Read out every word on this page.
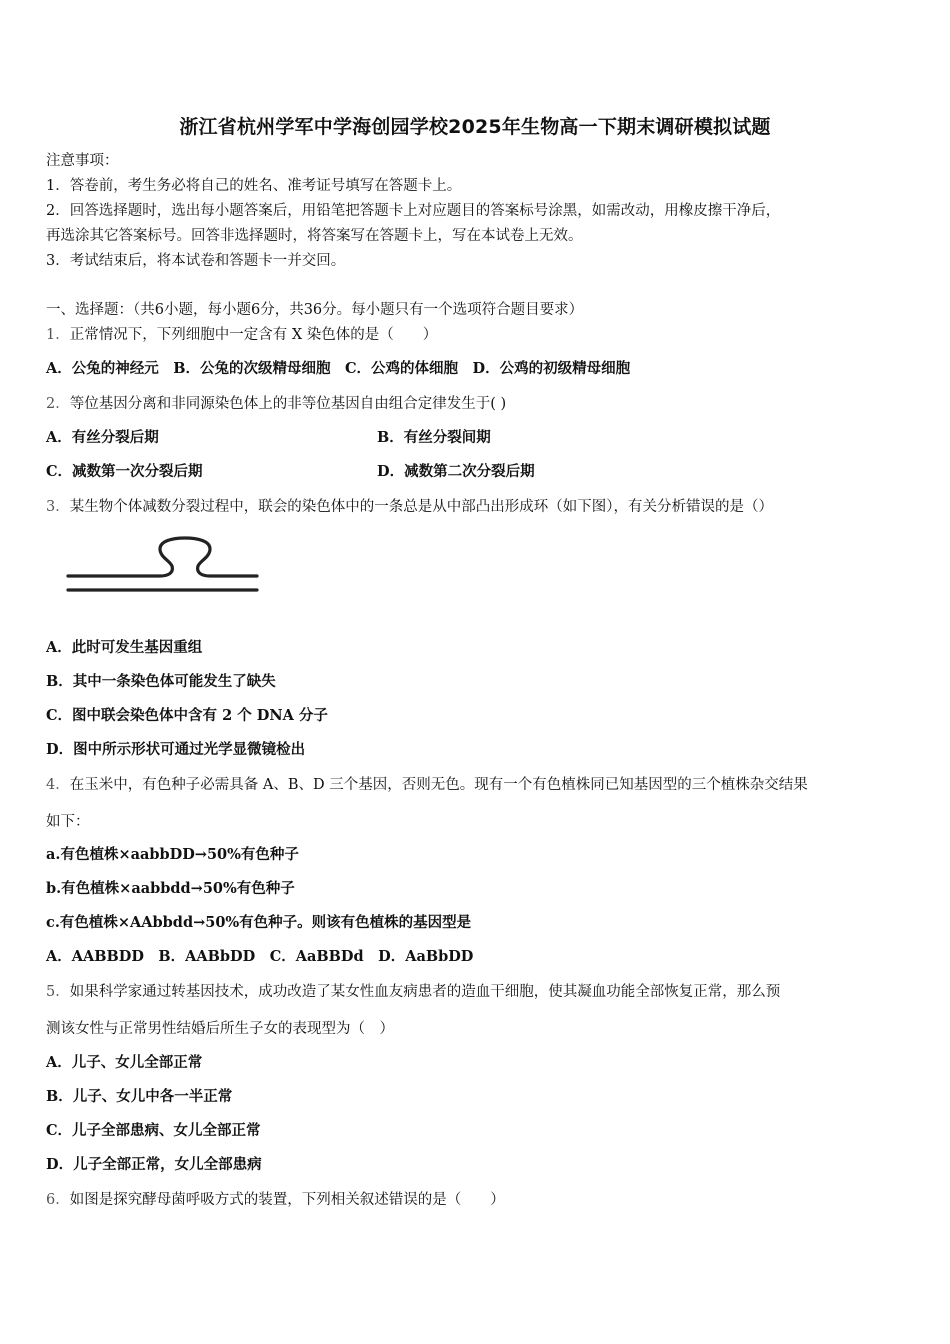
浙江省杭州学军中学海创园学校2025年生物高一下期末调研模拟试题
注意事项：
1．答卷前，考生务必将自己的姓名、准考证号填写在答题卡上。
2．回答选择题时，选出每小题答案后，用铅笔把答题卡上对应题目的答案标号涂黑，如需改动，用橡皮擦干净后，
再选涂其它答案标号。回答非选择题时，将答案写在答题卡上，写在本试卷上无效。
3．考试结束后，将本试卷和答题卡一并交回。
一、选择题：（共6小题，每小题6分，共36分。每小题只有一个选项符合题目要求）
1．正常情况下，下列细胞中一定含有 X 染色体的是（　　）
A．公兔的神经元　B．公兔的次级精母细胞　C．公鸡的体细胞　D．公鸡的初级精母细胞
2．等位基因分离和非同源染色体上的非等位基因自由组合定律发生于( )
A．有丝分裂后期	B．有丝分裂间期
C．减数第一次分裂后期	D．减数第二次分裂后期
3．某生物个体减数分裂过程中，联会的染色体中的一条总是从中部凸出形成环（如下图），有关分析错误的是（）
A．此时可发生基因重组
B．其中一条染色体可能发生了缺失
C．图中联会染色体中含有 2 个 DNA 分子
D．图中所示形状可通过光学显微镜检出
4．在玉米中，有色种子必需具备 A、B、D 三个基因，否则无色。现有一个有色植株同已知基因型的三个植株杂交结果
如下：
a.有色植株×aabbDD→50%有色种子
b.有色植株×aabbdd→50%有色种子
c.有色植株×AAbbdd→50%有色种子。则该有色植株的基因型是
A．AABBDD　B．AABbDD　C．AaBBDd　D．AaBbDD
5．如果科学家通过转基因技术，成功改造了某女性血友病患者的造血干细胞，使其凝血功能全部恢复正常，那么预
测该女性与正常男性结婚后所生子女的表现型为（　）
A．儿子、女儿全部正常
B．儿子、女儿中各一半正常
C．儿子全部患病、女儿全部正常
D．儿子全部正常，女儿全部患病
6．如图是探究酵母菌呼吸方式的装置，下列相关叙述错误的是（　　）
